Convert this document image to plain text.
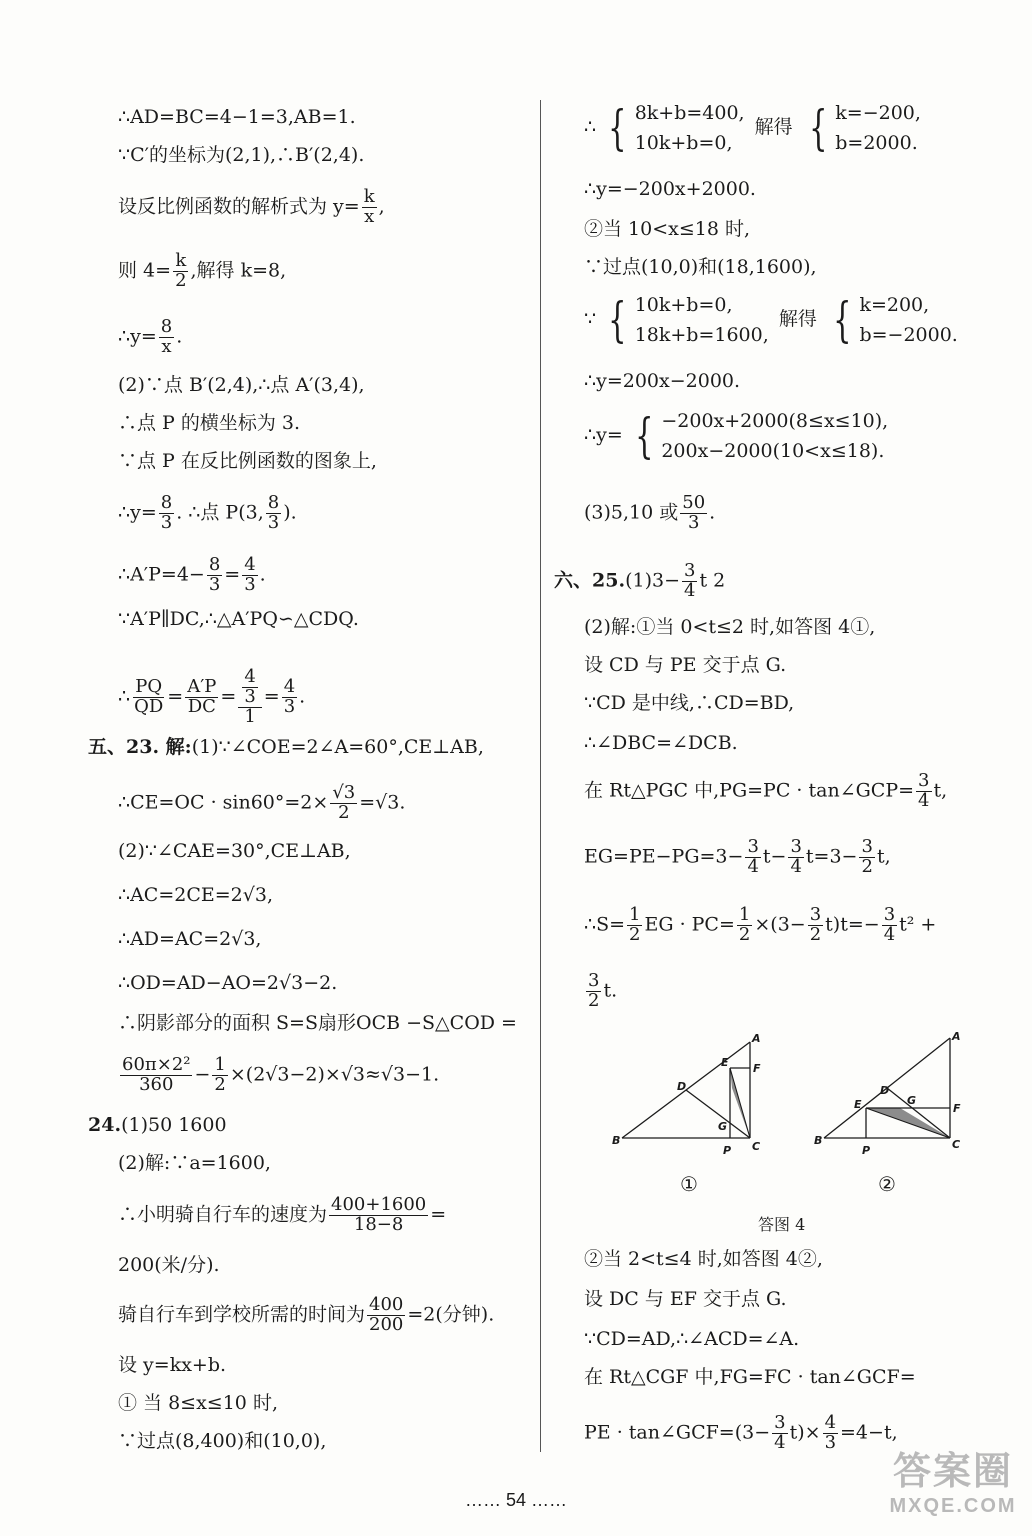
∴AD=BC=4−1=3,AB=1.
∵C′的坐标为(2,1),∴B′(2,4).
设反比例函数的解析式为 $y= \frac{k}{x}$ ,
则 $4= \frac{k}{2}$ ,解得 k=8,
∴y= $\frac{8}{x}$ .
(2)∵点 B′(2,4),∴点 A′(3,4),
∴点 P 的横坐标为 3.
∵点 P 在反比例函数的图象上,
∴y= $\frac{8}{3}$ . ∴点 P(3, $\frac{8}{3}$ ).
∴A′P=4− $\frac{8}{3} = \frac{4}{3}$ .
∵A′P∥DC,∴△A′PQ∽△CDQ.
∴ $\frac{PQ}{QD} = \frac{A'P}{DC} = \frac{\frac{4}{3}}{1} = \frac{4}{3}$ .
五、23. 解:(1)∵∠COE=2∠A=60°,CE⊥AB,
∴CE=OC · $\sin 60^\circ=2\times \frac{√3}{2} =√3$.
(2)∵∠CAE=30°,CE⊥AB,
∴AC=2CE=2√3,
∴AD=AC=2√3,
∴OD=AD−AO=2√3−2.
∴阴影部分的面积 S=S扇形OCB −S△COD =
$\frac{\text{60π×2²}}{360} - \frac{1}{2} \times(2√3-2)\times√3\approx√3-1$.
24.(1)50 1600
(2)解:∵a=1600,
∴小明骑自行车的速度为 $\frac{400+1600}{18-8}$ =
200(米/分).
骑自行车到学校所需的时间为 $\frac{400}{200} =2$(分钟).
设 y=kx+b.
① 当 8≤x≤10 时,
∵过点(8,400)和(10,0),
∴ { 8k+b=400,
10k+b=0,
解得 { k=−200,
b=2000.
∴y=−200x+2000.
②当 10<x≤18 时,
∵过点(10,0)和(18,1600),
∵ { 10k+b=0,
18k+b=1600,
解得 { k=200,
b=−2000.
∴y=200x−2000.
∴y= { −200x+2000(8≤x≤10),
200x−2000(10<x≤18).
(3)5,10 或 $\frac{50}{3}$ .
六、$25.(1)3- \frac{3}{4}$ t 2
(2)解:①当 0<t≤2 时,如答图 4①,
设 CD 与 PE 交于点 G.
∵CD 是中线,∴CD=BD,
∴∠DBC=∠DCB.
在 Rt△PGC 中,PG=PC · tan∠GCP= $\frac{3}{4} t$,
$EG=PE-PG=3- \frac{3}{4} t- \frac{3}{4} t=3- \frac{3}{2} t$,
∴S= $\frac{1}{2}$ EG · $PC= \frac{1}{2} \times(3- \frac{3}{2} t)t=- \frac{3}{4} t^2$ +
$\frac{3}{2} t$.
A
B	C
D
E F
G
P
①
A
B	C
D
E	F
G
P
②
答图 4
②当 2<t≤4 时,如答图 4②,
设 DC 与 EF 交于点 G.
∵CD=AD,∴∠ACD=∠A.
在 Rt△CGF 中,FG=FC · tan∠GCF=
PE · tan∠GCF=(3− $\frac{3}{4} t)\times \frac{4}{3} =4-t$,
…… 54 ……
答案圈
MXQE.COM
